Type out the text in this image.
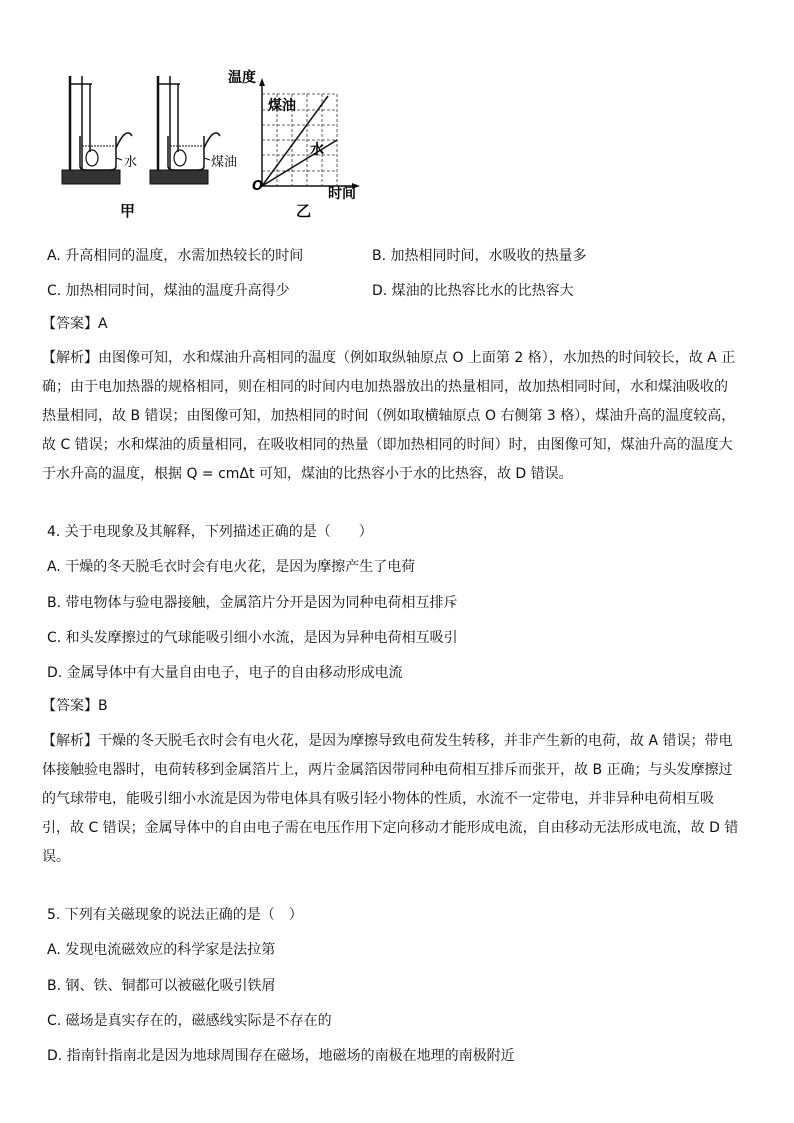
水	煤油
甲
温度
时间
O
煤油
水
乙
A. 升高相同的温度，水需加热较长的时间	B. 加热相同时间，水吸收的热量多
C. 加热相同时间，煤油的温度升高得少	D. 煤油的比热容比水的比热容大
【答案】A
【解析】由图像可知，水和煤油升高相同的温度（例如取纵轴原点 O 上面第 2 格），水加热的时间较长，故 A 正
确；由于电加热器的规格相同，则在相同的时间内电加热器放出的热量相同，故加热相同时间，水和煤油吸收的
热量相同，故 B 错误；由图像可知，加热相同的时间（例如取横轴原点 O 右侧第 3 格），煤油升高的温度较高，
故 C 错误；水和煤油的质量相同，在吸收相同的热量（即加热相同的时间）时，由图像可知，煤油升高的温度大
于水升高的温度，根据 Q = cmΔt 可知，煤油的比热容小于水的比热容，故 D 错误。
4. 关于电现象及其解释，下列描述正确的是（　　）
A. 干燥的冬天脱毛衣时会有电火花，是因为摩擦产生了电荷
B. 带电物体与验电器接触，金属箔片分开是因为同种电荷相互排斥
C. 和头发摩擦过的气球能吸引细小水流，是因为异种电荷相互吸引
D. 金属导体中有大量自由电子，电子的自由移动形成电流
【答案】B
【解析】干燥的冬天脱毛衣时会有电火花，是因为摩擦导致电荷发生转移，并非产生新的电荷，故 A 错误；带电
体接触验电器时，电荷转移到金属箔片上，两片金属箔因带同种电荷相互排斥而张开，故 B 正确；与头发摩擦过
的气球带电，能吸引细小水流是因为带电体具有吸引轻小物体的性质，水流不一定带电，并非异种电荷相互吸
引，故 C 错误；金属导体中的自由电子需在电压作用下定向移动才能形成电流，自由移动无法形成电流，故 D 错
误。
5. 下列有关磁现象的说法正确的是（　）
B. 钢、铁、铜都可以被磁化吸引铁屑
A. 发现电流磁效应的科学家是法拉第
C. 磁场是真实存在的，磁感线实际是不存在的
D. 指南针指南北是因为地球周围存在磁场，地磁场的南极在地理的南极附近
